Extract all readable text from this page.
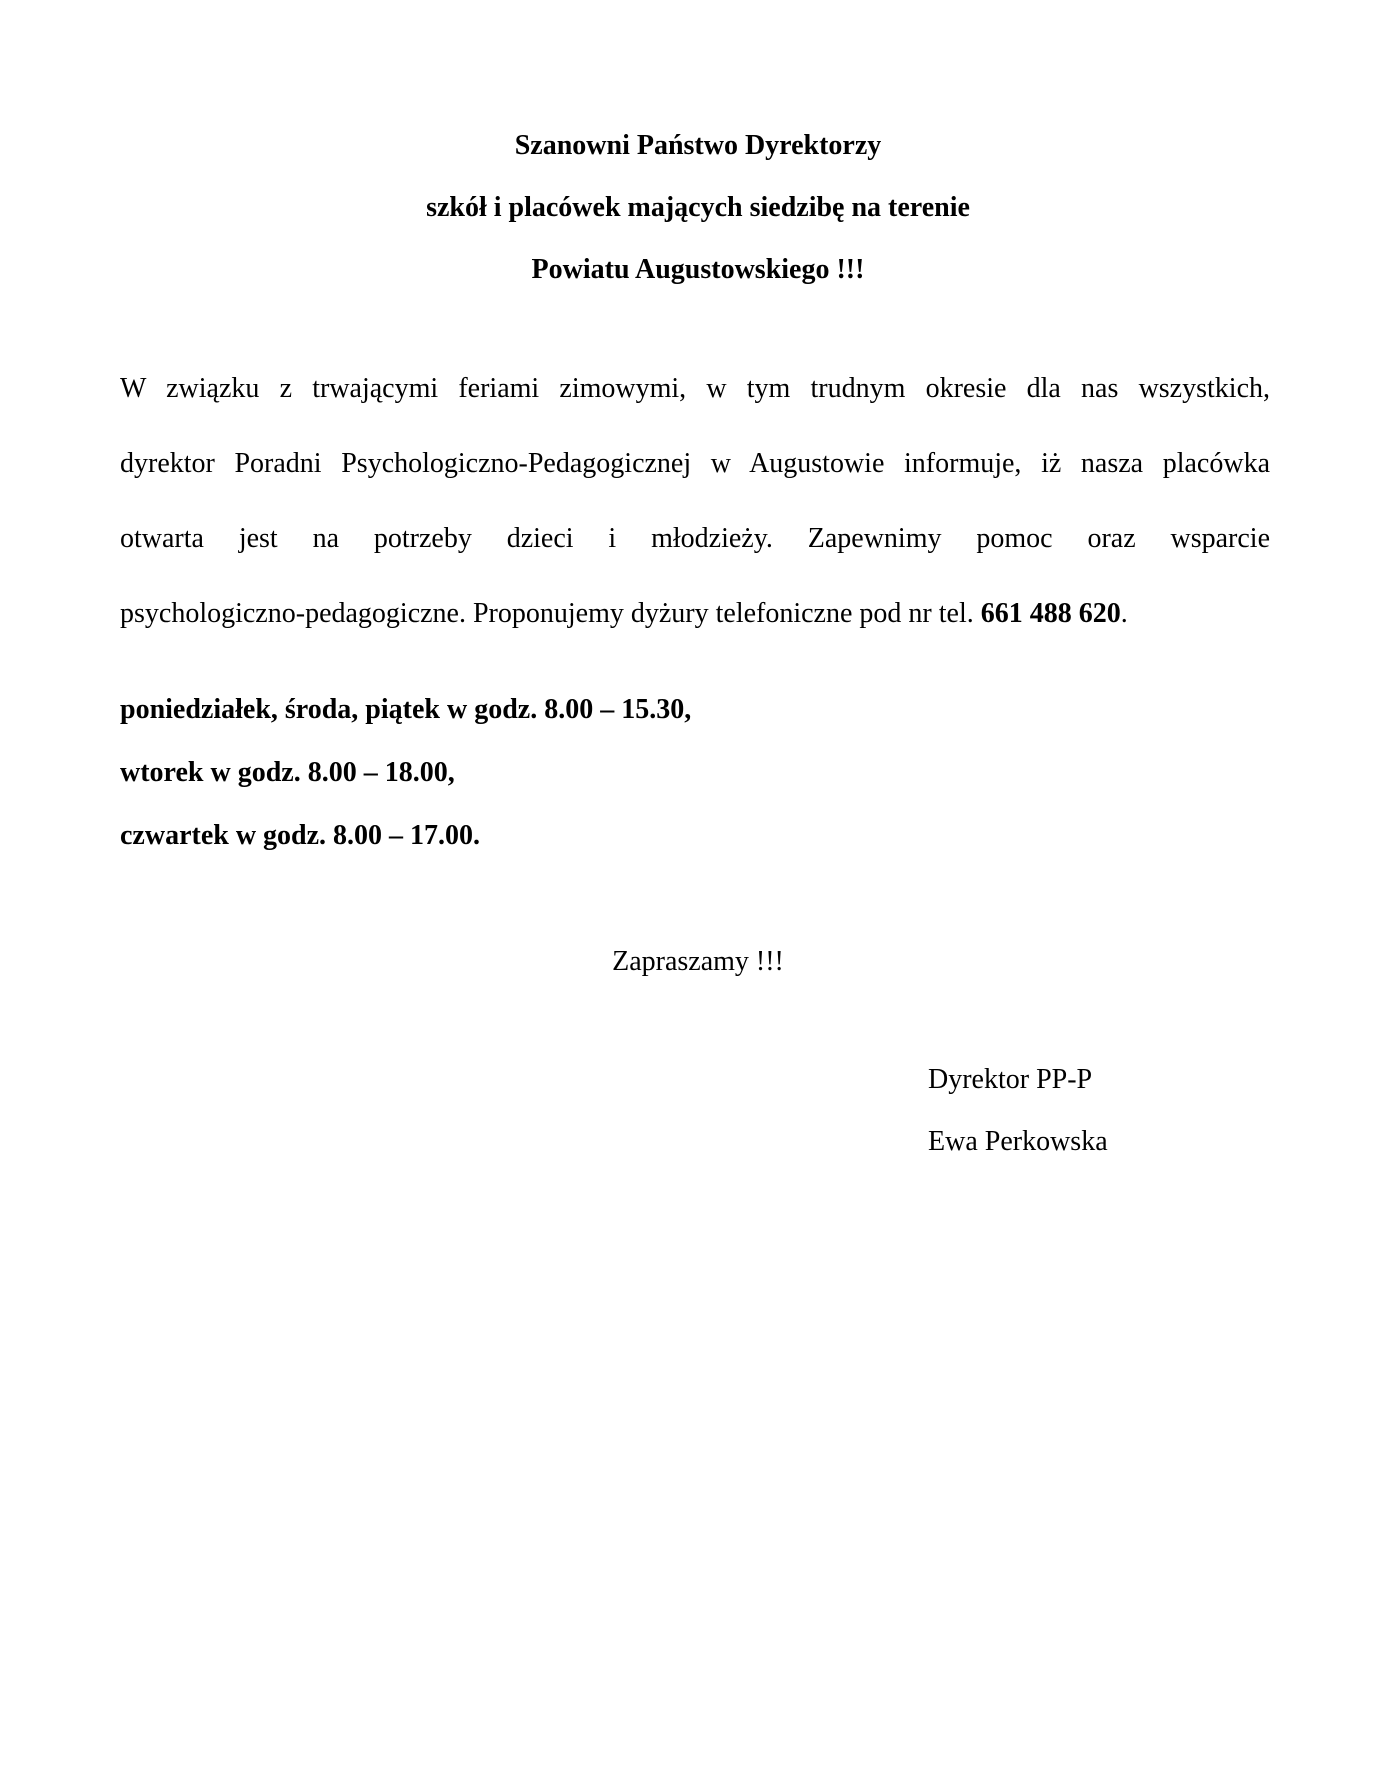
Szanowni Państwo Dyrektorzy
szkół i placówek mających siedzibę na terenie
Powiatu Augustowskiego !!!
W związku z trwającymi feriami zimowymi, w tym trudnym okresie dla nas wszystkich,
dyrektor Poradni Psychologiczno-Pedagogicznej w Augustowie informuje, iż nasza placówka
otwarta jest na potrzeby dzieci i młodzieży. Zapewnimy pomoc oraz wsparcie
psychologiczno-pedagogiczne. Proponujemy dyżury telefoniczne pod nr tel. 661 488 620.
poniedziałek, środa, piątek w godz. 8.00 – 15.30,
wtorek w godz. 8.00 – 18.00,
czwartek w godz. 8.00 – 17.00.
Zapraszamy !!!
Dyrektor PP-P
Ewa Perkowska
